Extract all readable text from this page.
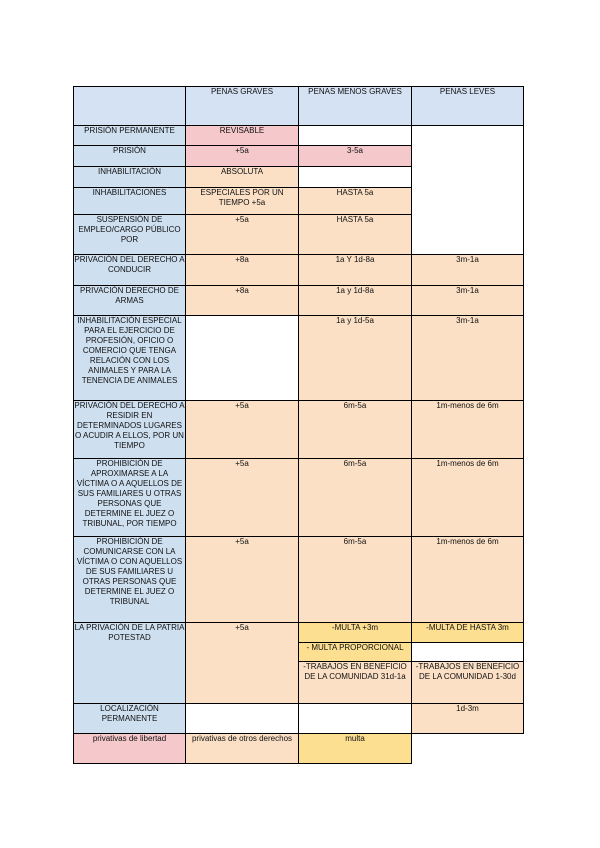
	PENAS GRAVES	PENAS MENOS GRAVES	PENAS LEVES
PRISIÓN PERMANENTE	REVISABLE		
PRISIÓN	+5a	3-5a	
INHABILITACIÓN	ABSOLUTA		
INHABILITACIONES	ESPECIALES POR UN TIEMPO +5a	HASTA 5a	
SUSPENSIÓN DE EMPLEO/CARGO PÚBLICO POR	+5a	HASTA 5a	
PRIVACIÓN DEL DERECHO A CONDUCIR	+8a	1a Y 1d-8a	3m-1a
PRIVACIÓN DERECHO DE ARMAS	+8a	1a y 1d-8a	3m-1a
INHABILITACIÓN ESPECIAL PARA EL EJERCICIO DE PROFESIÓN, OFICIO O COMERCIO QUE TENGA RELACIÓN CON LOS ANIMALES Y PARA LA TENENCIA DE ANIMALES		1a y 1d-5a	3m-1a
PRIVACIÓN DEL DERECHO A RESIDIR EN DETERMINADOS LUGARES O ACUDIR A ELLOS, POR UN TIEMPO	+5a	6m-5a	1m-menos de 6m
PROHIBICIÓN DE APROXIMARSE A LA VÍCTIMA O A AQUELLOS DE SUS FAMILIARES U OTRAS PERSONAS QUE DETERMINE EL JUEZ O TRIBUNAL, POR TIEMPO	+5a	6m-5a	1m-menos de 6m
PROHIBICIÓN DE COMUNICARSE CON LA VÍCTIMA O CON AQUELLOS DE SUS FAMILIARES U OTRAS PERSONAS QUE DETERMINE EL JUEZ O TRIBUNAL	+5a	6m-5a	1m-menos de 6m
LA PRIVACIÓN DE LA PATRIA POTESTAD	+5a	-MULTA +3m	-MULTA DE HASTA 3m
		- MULTA PROPORCIONAL	
		-TRABAJOS EN BENEFICIO DE LA COMUNIDAD 31d-1a	-TRABAJOS EN BENEFICIO DE LA COMUNIDAD 1-30d
LOCALIZACIÓN PERMANENTE			1d-3m
privativas de libertad	privativas de otros derechos	multa	
